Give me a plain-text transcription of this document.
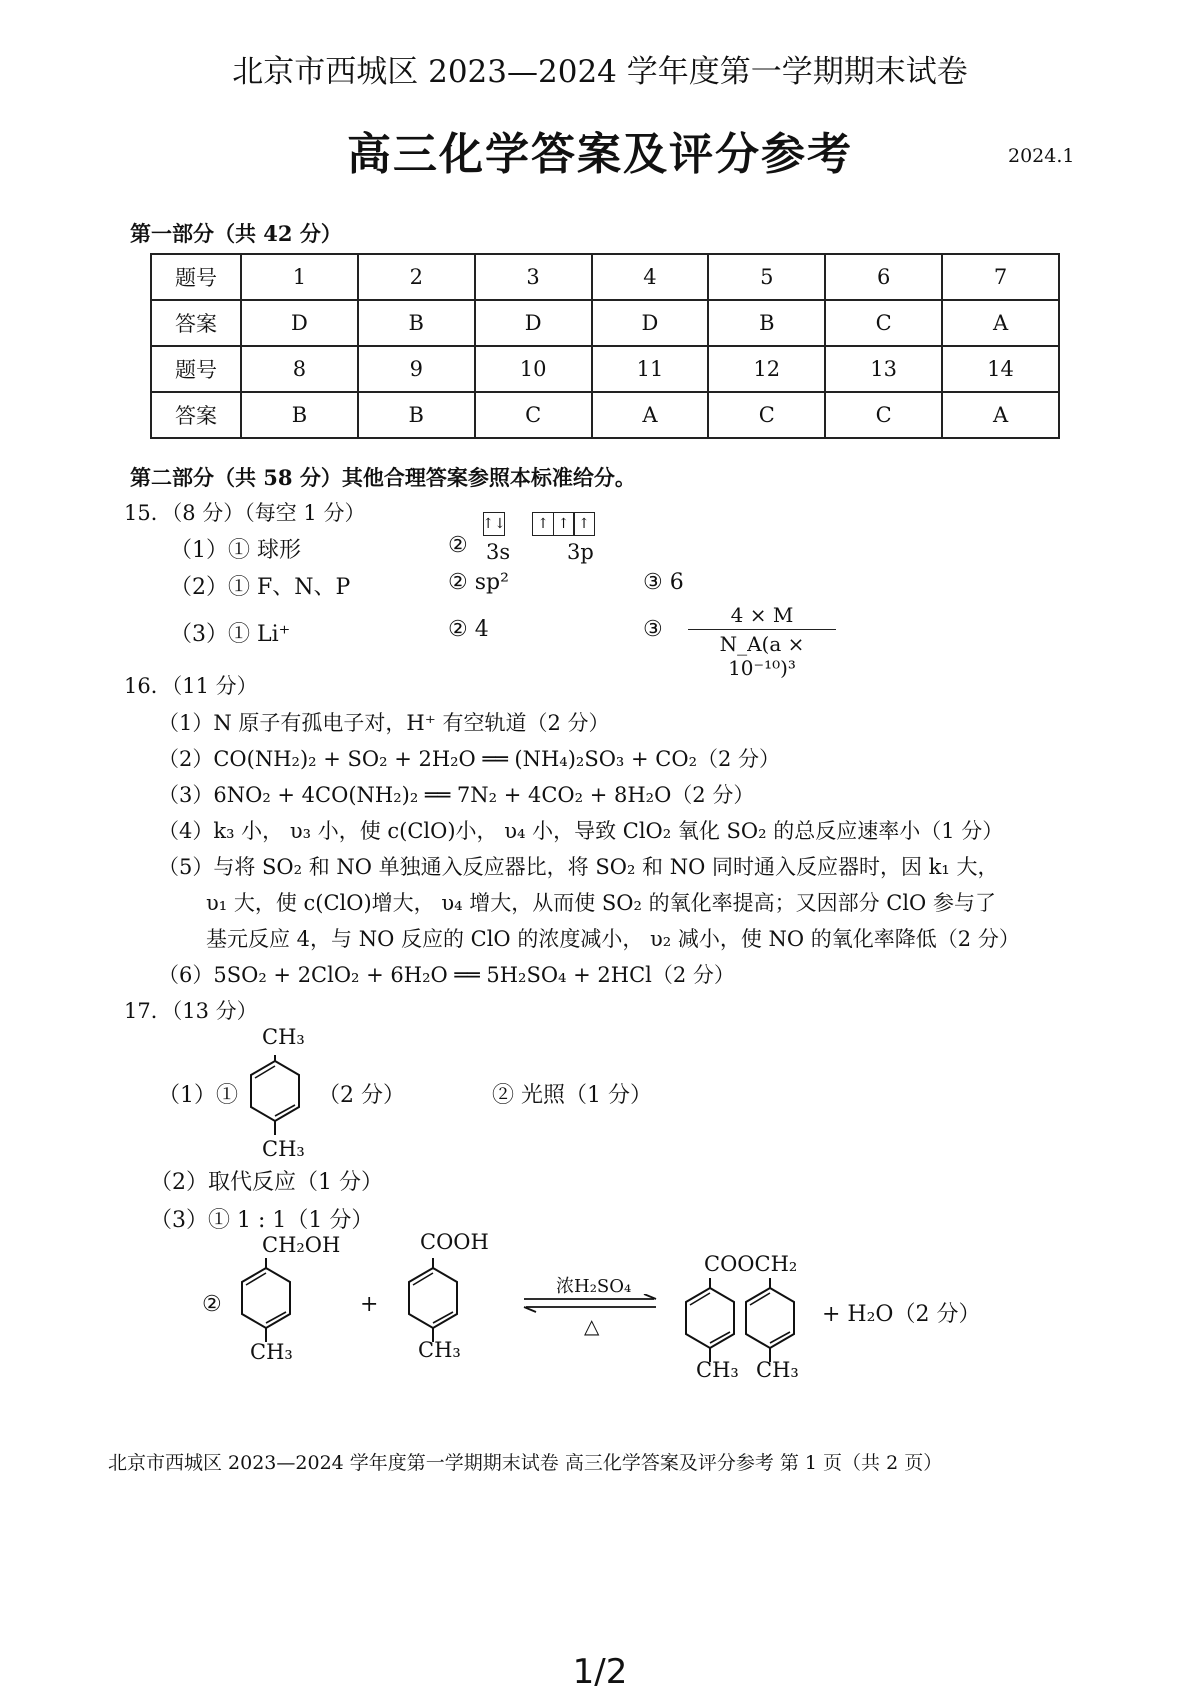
北京市西城区 2023—2024 学年度第一学期期末试卷
高三化学答案及评分参考	2024.1
第一部分（共 42 分）
题号	1	2	3	4	5	6	7
答案	D	B	D	D	B	C	A
题号	8	9	10	11	12	13	14
答案	B	B	C	A	C	C	A
第二部分（共 58 分）其他合理答案参照本标准给分。
15．（8 分）（每空 1 分）
（1）① 球形	②
↑↓	↑ ↑ ↑
3s	3p
（2）① F、N、P	② sp²	③ 6
（3）① Li⁺	② 4	③
4 × M
N_A(a × 10⁻¹⁰)³
16．（11 分）
（1）N 原子有孤电子对，H⁺ 有空轨道（2 分）
（2）CO(NH₂)₂ + SO₂ + 2H₂O ══ (NH₄)₂SO₃ + CO₂（2 分）
（3）6NO₂ + 4CO(NH₂)₂ ══ 7N₂ + 4CO₂ + 8H₂O（2 分）
（4）k₃ 小， υ₃ 小，使 c(ClO)小， υ₄ 小，导致 ClO₂ 氧化 SO₂ 的总反应速率小（1 分）
（5）与将 SO₂ 和 NO 单独通入反应器比，将 SO₂ 和 NO 同时通入反应器时，因 k₁ 大，
υ₁ 大，使 c(ClO)增大， υ₄ 增大，从而使 SO₂ 的氧化率提高；又因部分 ClO 参与了
基元反应 4，与 NO 反应的 ClO 的浓度减小， υ₂ 减小，使 NO 的氧化率降低（2 分）
（6）5SO₂ + 2ClO₂ + 6H₂O ══ 5H₂SO₄ + 2HCl（2 分）
17．（13 分）
（1）①
CH₃
CH₃
（2 分）	② 光照（1 分）
（2）取代反应（1 分）
（3）① 1 : 1（1 分）
②
CH₂OH
CH₃
+
COOH
CH₃
浓H₂SO₄
△
COOCH₂
CH₃ CH₃
+ H₂O（2 分）
北京市西城区 2023—2024 学年度第一学期期末试卷 高三化学答案及评分参考 第 1 页（共 2 页）
1/2
